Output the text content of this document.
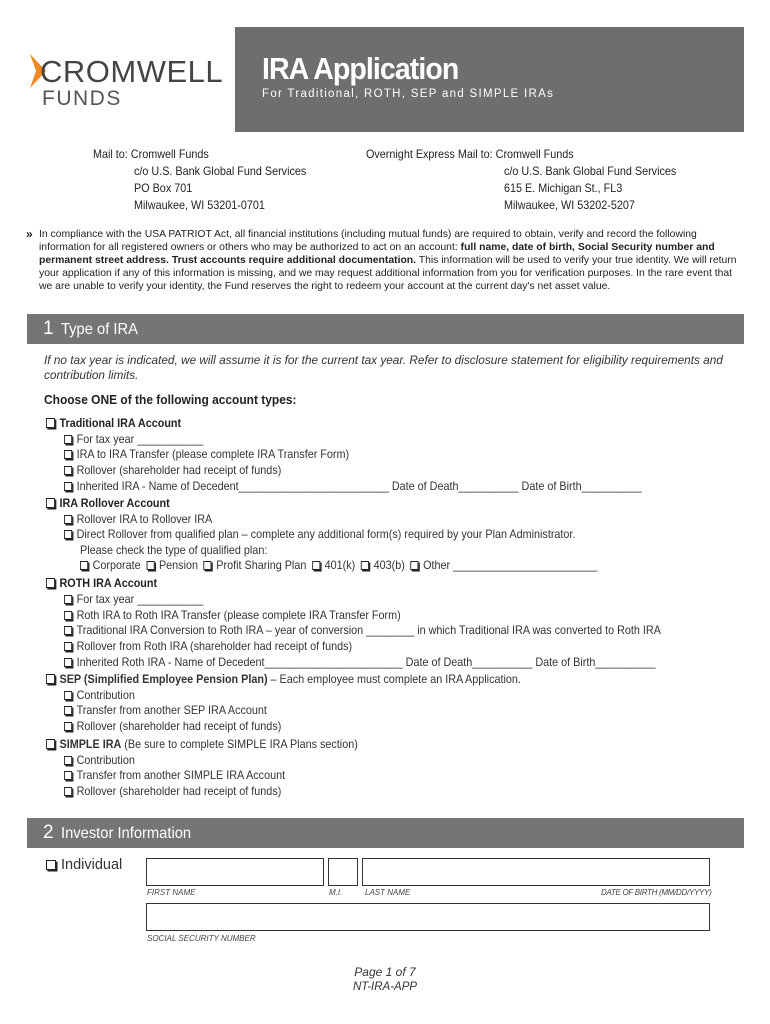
CROMWELL
FUNDS
IRA Application
For Traditional, ROTH, SEP and SIMPLE IRAs
Mail to: Cromwell Funds
c/o U.S. Bank Global Fund Services
PO Box 701
Milwaukee, WI 53201-0701
Overnight Express Mail to: Cromwell Funds
c/o U.S. Bank Global Fund Services
615 E. Michigan St., FL3
Milwaukee, WI 53202-5207
» In compliance with the USA PATRIOT Act, all financial institutions (including mutual funds) are required to obtain, verify and record the following information for all registered owners or others who may be authorized to act on an account: full name, date of birth, Social Security number and permanent street address. Trust accounts require additional documentation. This information will be used to verify your true identity. We will return your application if any of this information is missing, and we may request additional information from you for verification purposes. In the rare event that we are unable to verify your identity, the Fund reserves the right to redeem your account at the current day's net asset value.
1 Type of IRA
If no tax year is indicated, we will assume it is for the current tax year. Refer to disclosure statement for eligibility requirements and contribution limits.
Choose ONE of the following account types:
Traditional IRA Account
For tax year ___________
IRA to IRA Transfer (please complete IRA Transfer Form)
Rollover (shareholder had receipt of funds)
Inherited IRA - Name of Decedent_________________________ Date of Death__________ Date of Birth__________
IRA Rollover Account
Rollover IRA to Rollover IRA
Direct Rollover from qualified plan – complete any additional form(s) required by your Plan Administrator.
Please check the type of qualified plan:
Corporate Pension Profit Sharing Plan 401(k) 403(b) Other ________________________
ROTH IRA Account
For tax year ___________
Roth IRA to Roth IRA Transfer (please complete IRA Transfer Form)
Traditional IRA Conversion to Roth IRA – year of conversion ________ in which Traditional IRA was converted to Roth IRA
Rollover from Roth IRA (shareholder had receipt of funds)
Inherited Roth IRA - Name of Decedent_______________________ Date of Death__________ Date of Birth__________
SEP (Simplified Employee Pension Plan) – Each employee must complete an IRA Application.
Contribution
Transfer from another SEP IRA Account
Rollover (shareholder had receipt of funds)
SIMPLE IRA (Be sure to complete SIMPLE IRA Plans section)
Contribution
Transfer from another SIMPLE IRA Account
Rollover (shareholder had receipt of funds)
2 Investor Information
Individual
FIRST NAME	M.I.	LAST NAME	DATE OF BIRTH (MM/DD/YYYY)
SOCIAL SECURITY NUMBER
Page 1 of 7
NT-IRA-APP
